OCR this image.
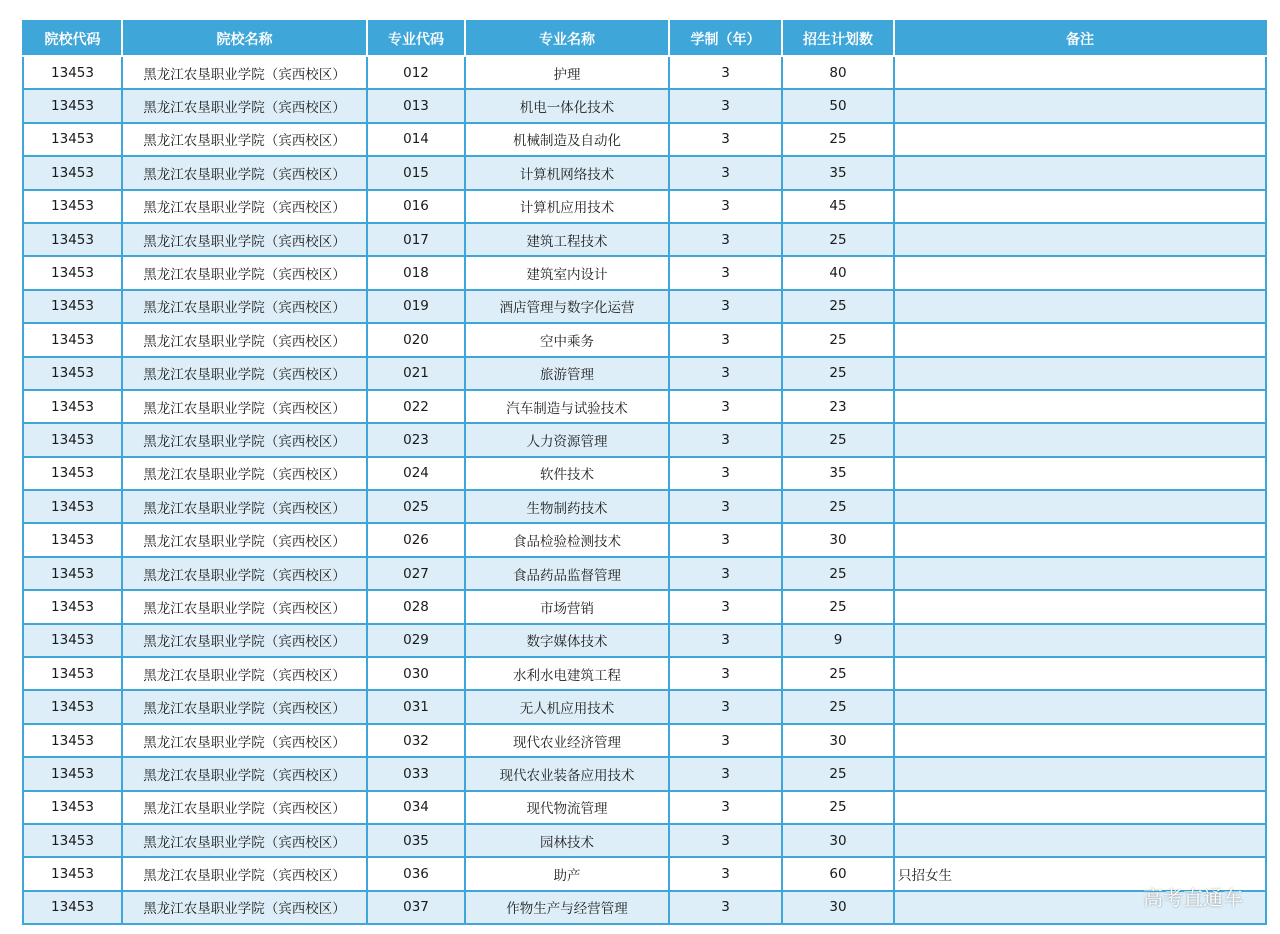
院校代码	院校名称	专业代码	专业名称	学制（年）	招生计划数	备注
13453	黑龙江农垦职业学院（宾西校区）	012	护理	3	80	
13453	黑龙江农垦职业学院（宾西校区）	013	机电一体化技术	3	50	
13453	黑龙江农垦职业学院（宾西校区）	014	机械制造及自动化	3	25	
13453	黑龙江农垦职业学院（宾西校区）	015	计算机网络技术	3	35	
13453	黑龙江农垦职业学院（宾西校区）	016	计算机应用技术	3	45	
13453	黑龙江农垦职业学院（宾西校区）	017	建筑工程技术	3	25	
13453	黑龙江农垦职业学院（宾西校区）	018	建筑室内设计	3	40	
13453	黑龙江农垦职业学院（宾西校区）	019	酒店管理与数字化运营	3	25	
13453	黑龙江农垦职业学院（宾西校区）	020	空中乘务	3	25	
13453	黑龙江农垦职业学院（宾西校区）	021	旅游管理	3	25	
13453	黑龙江农垦职业学院（宾西校区）	022	汽车制造与试验技术	3	23	
13453	黑龙江农垦职业学院（宾西校区）	023	人力资源管理	3	25	
13453	黑龙江农垦职业学院（宾西校区）	024	软件技术	3	35	
13453	黑龙江农垦职业学院（宾西校区）	025	生物制药技术	3	25	
13453	黑龙江农垦职业学院（宾西校区）	026	食品检验检测技术	3	30	
13453	黑龙江农垦职业学院（宾西校区）	027	食品药品监督管理	3	25	
13453	黑龙江农垦职业学院（宾西校区）	028	市场营销	3	25	
13453	黑龙江农垦职业学院（宾西校区）	029	数字媒体技术	3	9	
13453	黑龙江农垦职业学院（宾西校区）	030	水利水电建筑工程	3	25	
13453	黑龙江农垦职业学院（宾西校区）	031	无人机应用技术	3	25	
13453	黑龙江农垦职业学院（宾西校区）	032	现代农业经济管理	3	30	
13453	黑龙江农垦职业学院（宾西校区）	033	现代农业装备应用技术	3	25	
13453	黑龙江农垦职业学院（宾西校区）	034	现代物流管理	3	25	
13453	黑龙江农垦职业学院（宾西校区）	035	园林技术	3	30	
13453	黑龙江农垦职业学院（宾西校区）	036	助产	3	60	只招女生
13453	黑龙江农垦职业学院（宾西校区）	037	作物生产与经营管理	3	30		高考直通车
